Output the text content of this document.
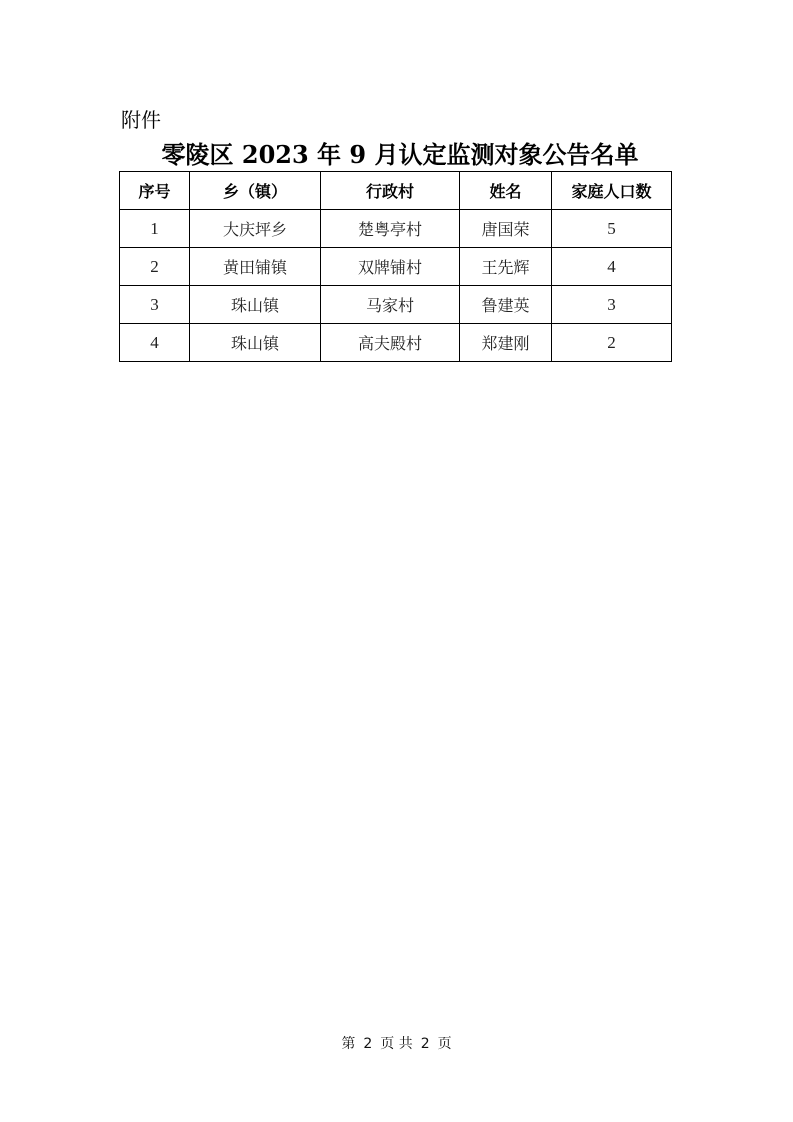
附件
零陵区 2023 年 9 月认定监测对象公告名单
序号	乡（镇）	行政村	姓名	家庭人口数
1	大庆坪乡	楚粤亭村	唐国荣	5
2	黄田铺镇	双牌铺村	王先辉	4
3	珠山镇	马家村	鲁建英	3
4	珠山镇	高夫殿村	郑建刚	2
第 2 页 共 2 页
